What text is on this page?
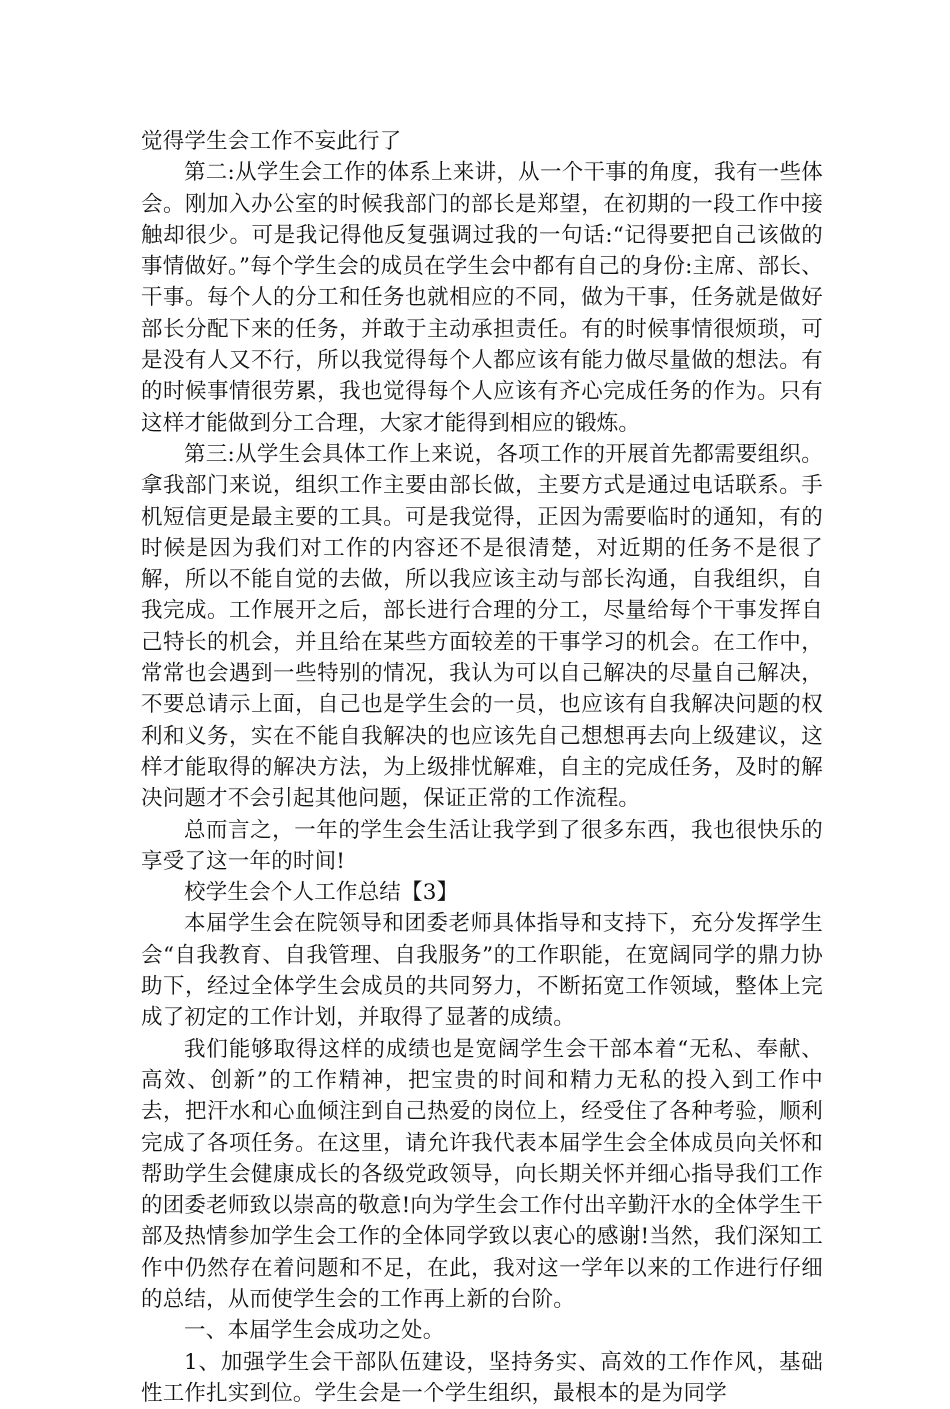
觉得学生会工作不妄此行了

第二:从学生会工作的体系上来讲，从一个干事的角度，我有一些体会。刚加入办公室的时候我部门的部长是郑望，在初期的一段工作中接触却很少。可是我记得他反复强调过我的一句话:“记得要把自己该做的事情做好。”每个学生会的成员在学生会中都有自己的身份:主席、部长、干事。每个人的分工和任务也就相应的不同，做为干事，任务就是做好部长分配下来的任务，并敢于主动承担责任。有的时候事情很烦琐，可是没有人又不行，所以我觉得每个人都应该有能力做尽量做的想法。有的时候事情很劳累，我也觉得每个人应该有齐心完成任务的作为。只有这样才能做到分工合理，大家才能得到相应的锻炼。

第三:从学生会具体工作上来说，各项工作的开展首先都需要组织。拿我部门来说，组织工作主要由部长做，主要方式是通过电话联系。手机短信更是最主要的工具。可是我觉得，正因为需要临时的通知，有的时候是因为我们对工作的内容还不是很清楚，对近期的任务不是很了解，所以不能自觉的去做，所以我应该主动与部长沟通，自我组织，自我完成。工作展开之后，部长进行合理的分工，尽量给每个干事发挥自己特长的机会，并且给在某些方面较差的干事学习的机会。在工作中，常常也会遇到一些特别的情况，我认为可以自己解决的尽量自己解决，不要总请示上面，自己也是学生会的一员，也应该有自我解决问题的权利和义务，实在不能自我解决的也应该先自己想想再去向上级建议，这样才能取得的解决方法，为上级排忧解难，自主的完成任务，及时的解决问题才不会引起其他问题，保证正常的工作流程。

总而言之，一年的学生会生活让我学到了很多东西，我也很快乐的享受了这一年的时间!

校学生会个人工作总结【3】

本届学生会在院领导和团委老师具体指导和支持下，充分发挥学生会“自我教育、自我管理、自我服务”的工作职能，在宽阔同学的鼎力协助下，经过全体学生会成员的共同努力，不断拓宽工作领域，整体上完成了初定的工作计划，并取得了显著的成绩。

我们能够取得这样的成绩也是宽阔学生会干部本着“无私、奉献、高效、创新”的工作精神，把宝贵的时间和精力无私的投入到工作中去，把汗水和心血倾注到自己热爱的岗位上，经受住了各种考验，顺利完成了各项任务。在这里，请允许我代表本届学生会全体成员向关怀和帮助学生会健康成长的各级党政领导，向长期关怀并细心指导我们工作的团委老师致以崇高的敬意!向为学生会工作付出辛勤汗水的全体学生干部及热情参加学生会工作的全体同学致以衷心的感谢!当然，我们深知工作中仍然存在着问题和不足，在此，我对这一学年以来的工作进行仔细的总结，从而使学生会的工作再上新的台阶。

一、本届学生会成功之处。

1、加强学生会干部队伍建设，坚持务实、高效的工作作风，基础性工作扎实到位。学生会是一个学生组织，最根本的是为同学
